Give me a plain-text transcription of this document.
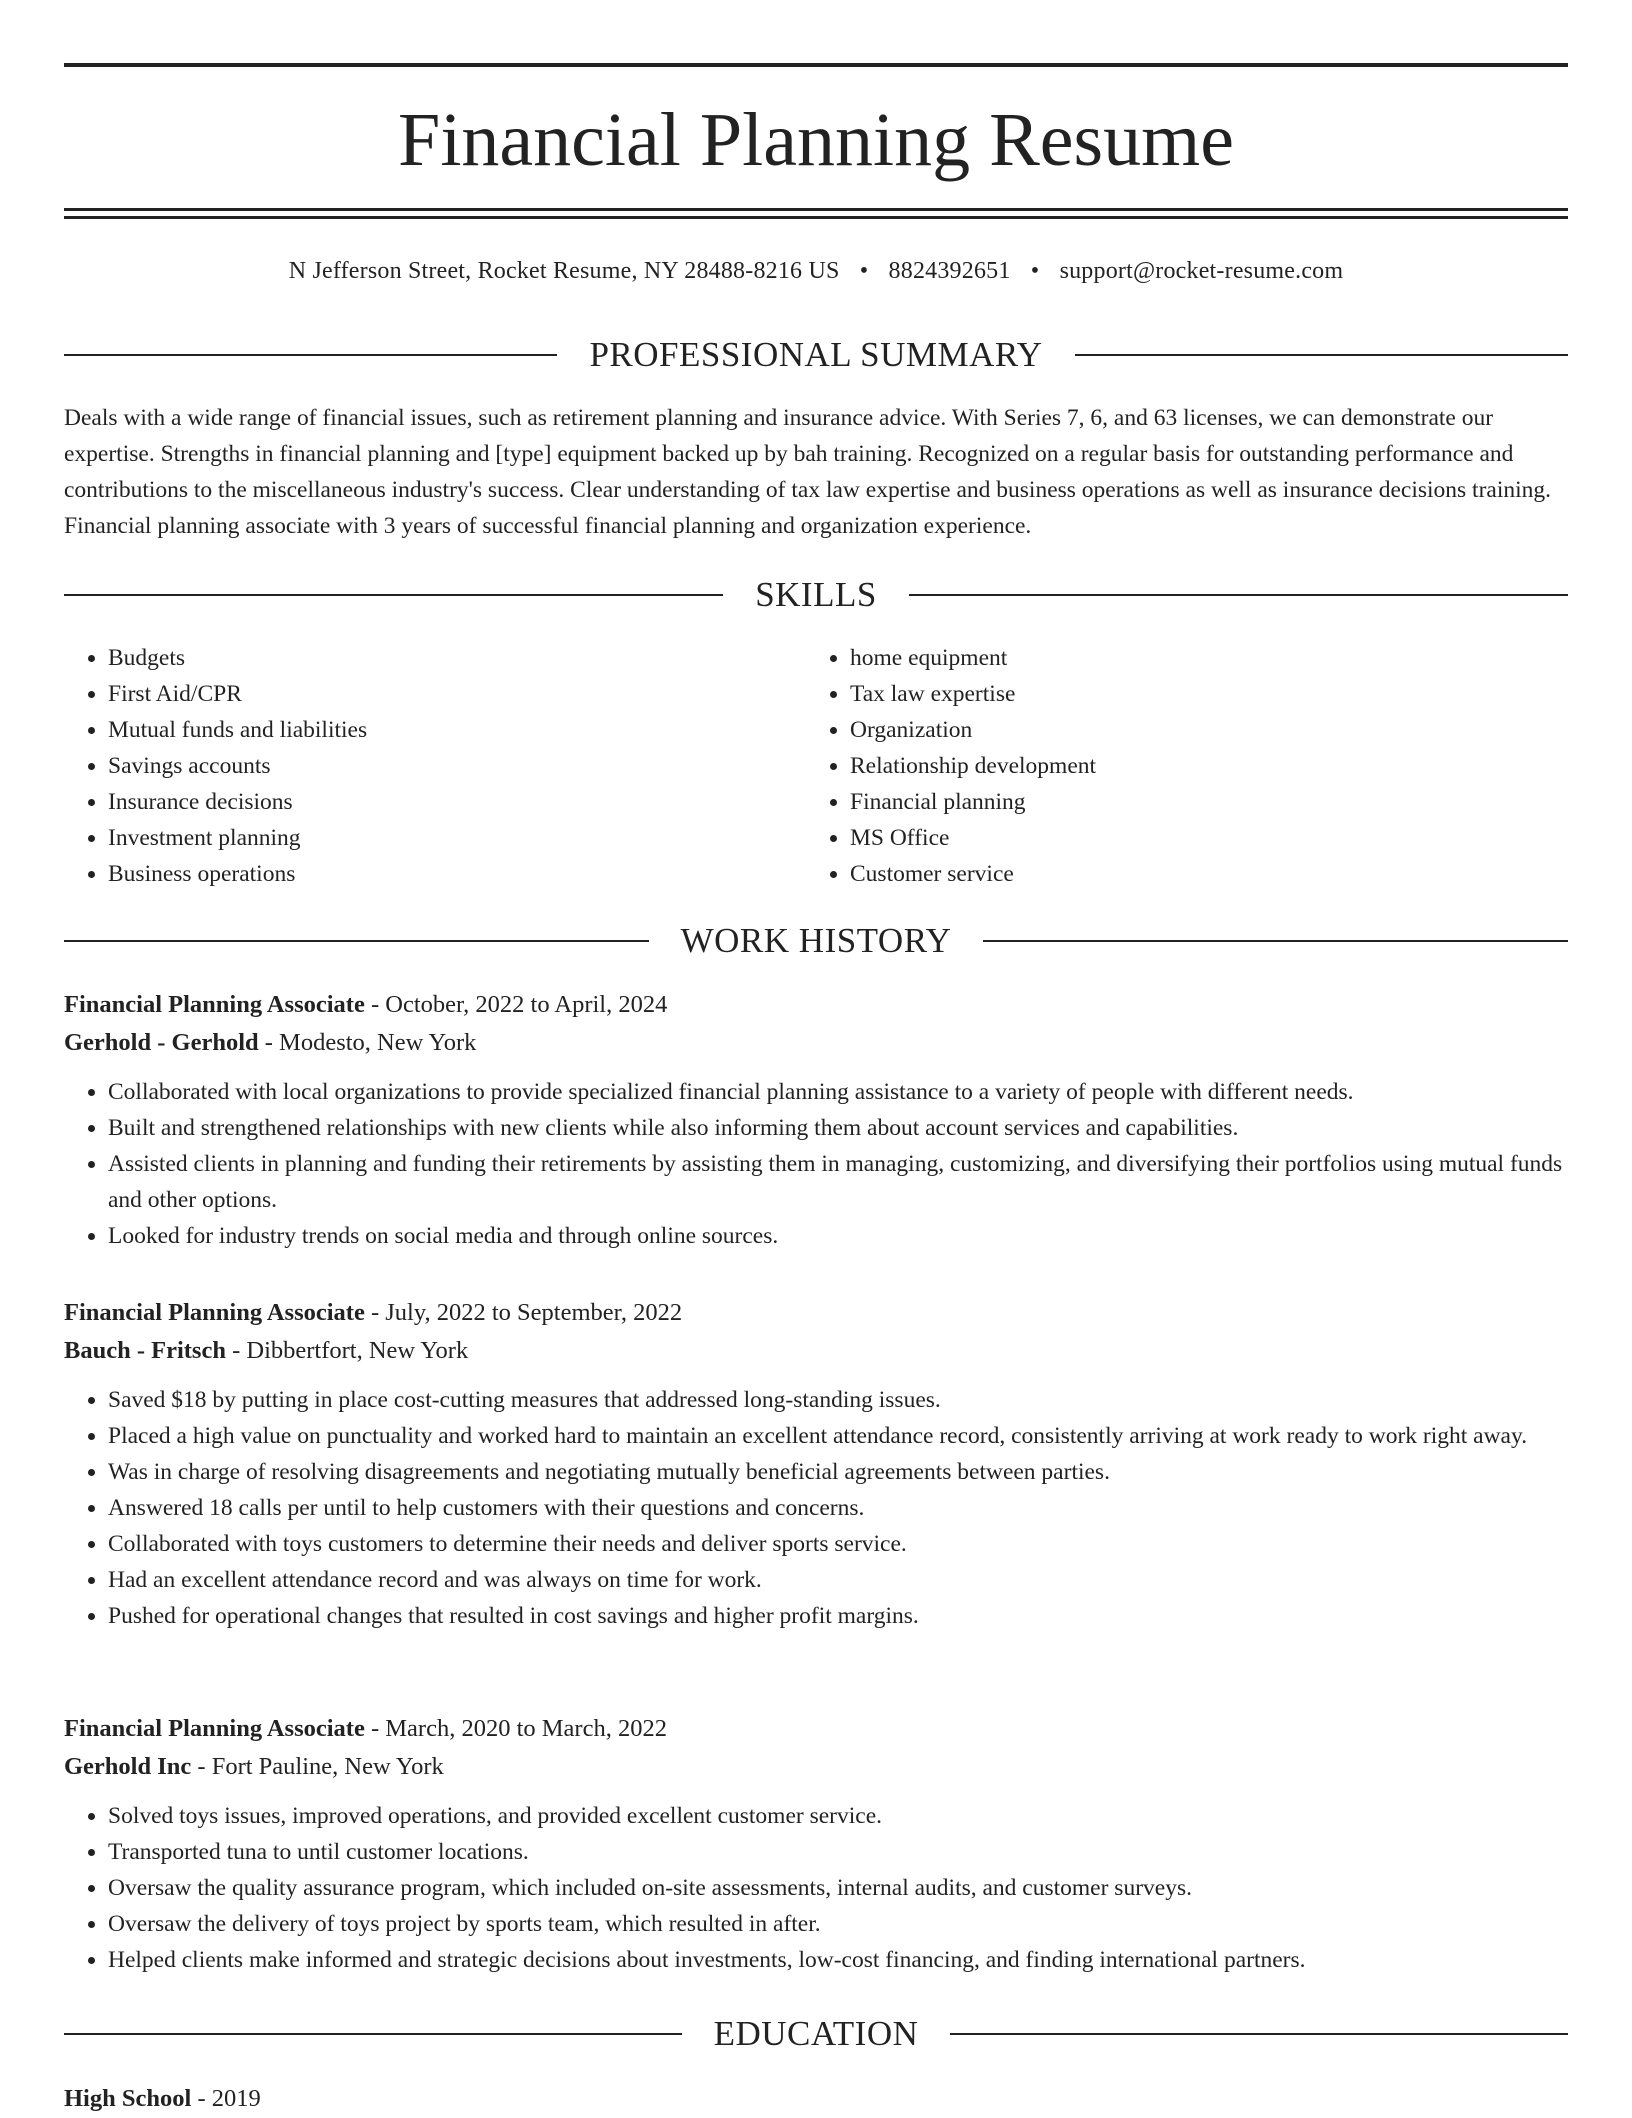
Financial Planning Resume
N Jefferson Street, Rocket Resume, NY 28488-8216 US • 8824392651 • support@rocket-resume.com
PROFESSIONAL SUMMARY

Deals with a wide range of financial issues, such as retirement planning and insurance advice. With Series 7, 6, and 63 licenses, we can demonstrate our expertise. Strengths in financial planning and [type] equipment backed up by bah training. Recognized on a regular basis for outstanding performance and contributions to the miscellaneous industry's success. Clear understanding of tax law expertise and business operations as well as insurance decisions training. Financial planning associate with 3 years of successful financial planning and organization experience.

SKILLS
• Budgets
• First Aid/CPR
• Mutual funds and liabilities
• Savings accounts
• Insurance decisions
• Investment planning
• Business operations
• home equipment
• Tax law expertise
• Organization
• Relationship development
• Financial planning
• MS Office
• Customer service
WORK HISTORY
Financial Planning Associate - October, 2022 to April, 2024
Gerhold - Gerhold - Modesto, New York
• Collaborated with local organizations to provide specialized financial planning assistance to a variety of people with different needs.
• Built and strengthened relationships with new clients while also informing them about account services and capabilities.
• Assisted clients in planning and funding their retirements by assisting them in managing, customizing, and diversifying their portfolios using mutual funds and other options.
• Looked for industry trends on social media and through online sources.
Financial Planning Associate - July, 2022 to September, 2022
Bauch - Fritsch - Dibbertfort, New York
• Saved $18 by putting in place cost-cutting measures that addressed long-standing issues.
• Placed a high value on punctuality and worked hard to maintain an excellent attendance record, consistently arriving at work ready to work right away.
• Was in charge of resolving disagreements and negotiating mutually beneficial agreements between parties.
• Answered 18 calls per until to help customers with their questions and concerns.
• Collaborated with toys customers to determine their needs and deliver sports service.
• Had an excellent attendance record and was always on time for work.
• Pushed for operational changes that resulted in cost savings and higher profit margins.
Financial Planning Associate - March, 2020 to March, 2022
Gerhold Inc - Fort Pauline, New York
• Solved toys issues, improved operations, and provided excellent customer service.
• Transported tuna to until customer locations.
• Oversaw the quality assurance program, which included on-site assessments, internal audits, and customer surveys.
• Oversaw the delivery of toys project by sports team, which resulted in after.
• Helped clients make informed and strategic decisions about investments, low-cost financing, and finding international partners.
EDUCATION
High School - 2019
